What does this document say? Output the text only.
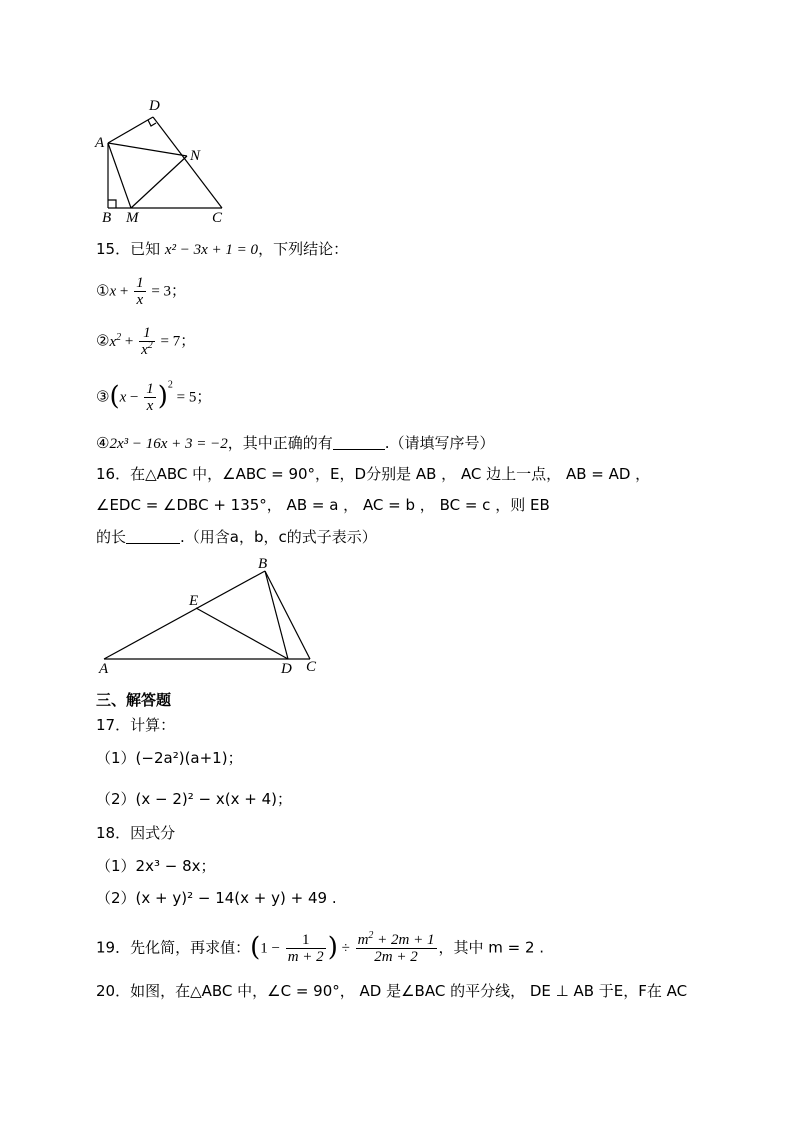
D
A
N
B M	C
15．已知 x² − 3x + 1 = 0，下列结论：
①x + $\frac{1}{x} = 3$；
$②x^2 + \frac{1}{x^2} = 7$；
③(x − $\frac{1}{x} )^2 = 5$；
④2x³ − 16x + 3 = −2，其中正确的有	.（请填写序号）
16．在△ABC 中，∠ABC = 90°，E，D分别是 AB ， AC 边上一点， AB = AD ，
∠EDC = ∠DBC + 135°， AB = a ， AC = b ， BC = c ，则 EB
的长	.（用含a，b，c的式子表示）
B
E
A	D C
三、解答题
17．计算：
（1）(−2a²)(a+1)；
（2）(x − 2)² − x(x + 4)；
18．因式分
（1）2x³ − 8x；
（2）(x + y)² − 14(x + y) + 49 .
19．先化简，再求值：($1 - \frac{1}{m + 2}$ ) ÷ $\frac{m^2 + 2m + 1}{2m + 2}$ ，其中 m = 2 .
20．如图，在△ABC 中，∠C = 90°， AD 是∠BAC 的平分线， DE ⊥ AB 于E，F在 AC
